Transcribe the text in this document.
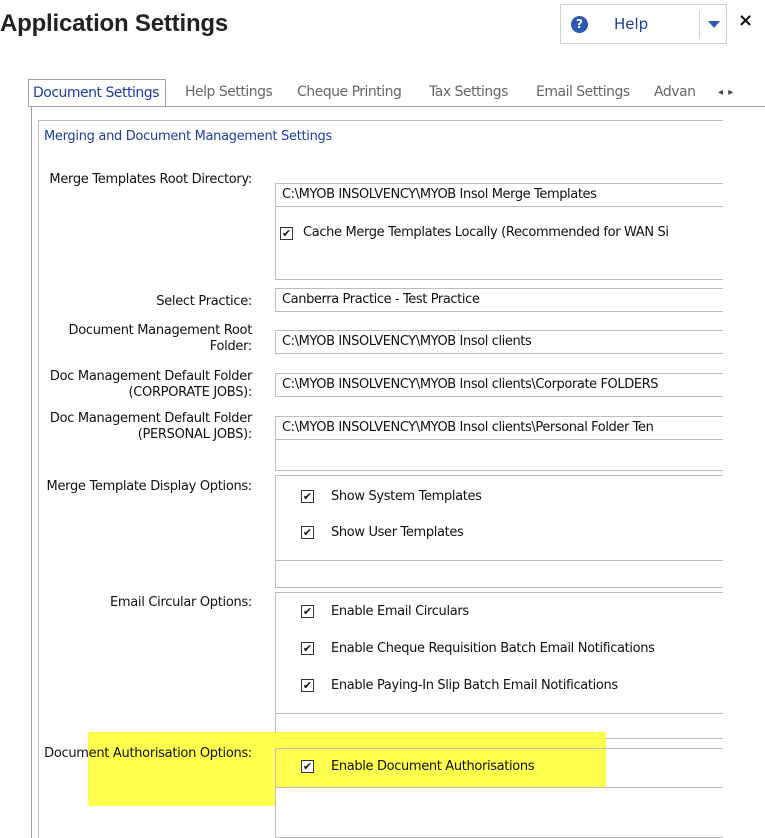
Application Settings	?	Help	×
Document Settings	Help Settings Cheque Printing Tax Settings Email Settings Advan ◂ ▸
Merging and Document Management Settings
Merge Templates Root Directory:
C:\MYOB INSOLVENCY\MYOB Insol Merge Templates
✔ Cache Merge Templates Locally (Recommended for WAN Si
Select Practice:	Canberra Practice - Test Practice
Document Management Root Folder:	C:\MYOB INSOLVENCY\MYOB Insol clients
Doc Management Default Folder (CORPORATE JOBS):
C:\MYOB INSOLVENCY\MYOB Insol clients\Corporate FOLDERS
Doc Management Default Folder (PERSONAL JOBS):	C:\MYOB INSOLVENCY\MYOB Insol clients\Personal Folder Ten
Merge Template Display Options:
✔ Show System Templates
✔ Show User Templates
Email Circular Options:
✔ Enable Email Circulars
✔ Enable Cheque Requisition Batch Email Notifications
✔ Enable Paying-In Slip Batch Email Notifications
Document Authorisation Options:
✔ Enable Document Authorisations
